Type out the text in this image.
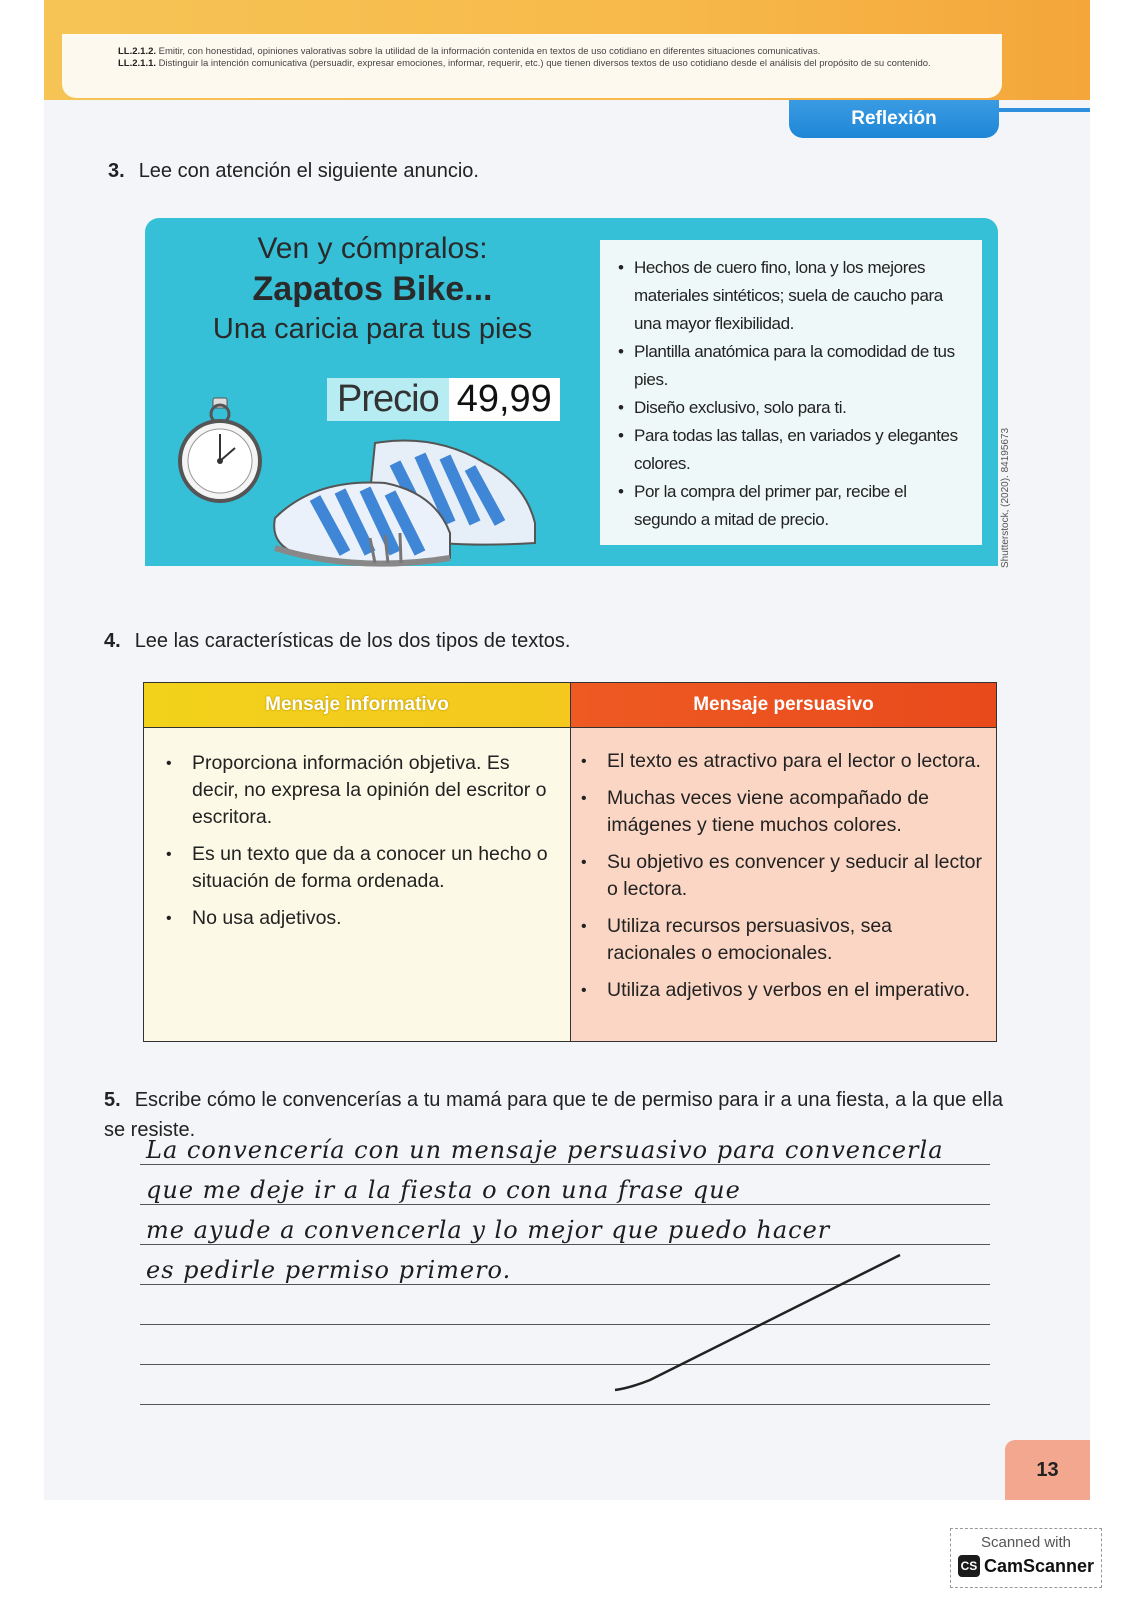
LL.2.1.2. Emitir, con honestidad, opiniones valorativas sobre la utilidad de la información contenida en textos de uso cotidiano en diferentes situaciones comunicativas.
LL.2.1.1. Distinguir la intención comunicativa (persuadir, expresar emociones, informar, requerir, etc.) que tienen diversos textos de uso cotidiano desde el análisis del propósito de su contenido.
Reflexión
3. Lee con atención el siguiente anuncio.
Ven y cómpralos:
Zapatos Bike...
Una caricia para tus pies
Precio 49,99
• Hechos de cuero fino, lona y los mejores materiales sintéticos; suela de caucho para una mayor flexibilidad.
• Plantilla anatómica para la comodidad de tus pies.
• Diseño exclusivo, solo para ti.
• Para todas las tallas, en variados y elegantes colores.
• Por la compra del primer par, recibe el segundo a mitad de precio.	Shutterstock, (2020). 84195673
4. Lee las características de los dos tipos de textos.
Mensaje informativo
• Proporciona información objetiva. Es decir, no expresa la opinión del escritor o escritora.
• Es un texto que da a conocer un hecho o situación de forma ordenada.
• No usa adjetivos.
Mensaje persuasivo
• El texto es atractivo para el lector o lectora.
• Muchas veces viene acompañado de imágenes y tiene muchos colores.
• Su objetivo es convencer y seducir al lector o lectora.
• Utiliza recursos persuasivos, sea racionales o emocionales.
• Utiliza adjetivos y verbos en el imperativo.
5. Escribe cómo le convencerías a tu mamá para que te de permiso para ir a una fiesta, a la que ella se resiste.
La convencería con un mensaje persuasivo para convencerla
que me deje ir a la fiesta o con una frase que
me ayude a convencerla y lo mejor que puedo hacer
es pedirle permiso primero.
13
Scanned with
CS CamScanner
